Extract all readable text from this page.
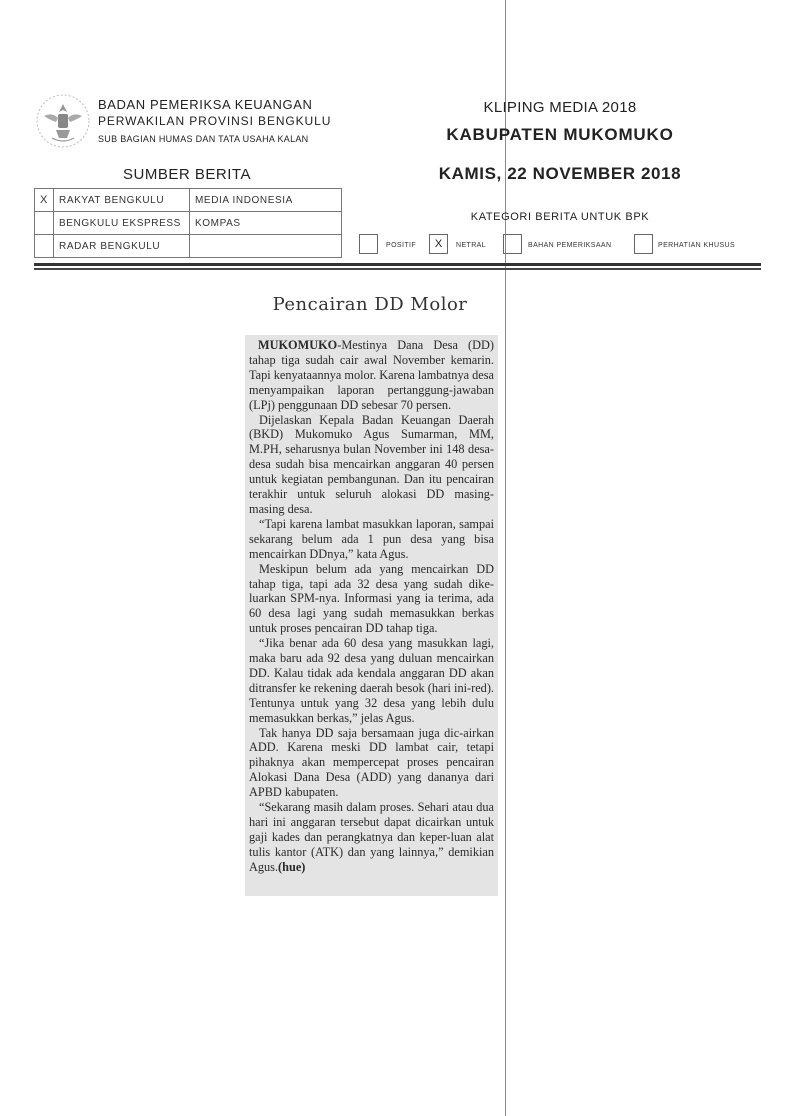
BADAN PEMERIKSA KEUANGAN
PERWAKILAN PROVINSI BENGKULU
SUB BAGIAN HUMAS DAN TATA USAHA KALAN
KLIPING MEDIA 2018
KABUPATEN MUKOMUKO
KAMIS, 22 NOVEMBER 2018
SUMBER BERITA
X	RAKYAT BENGKULU	MEDIA INDONESIA
	BENGKULU EKSPRESS	KOMPAS
	RADAR BENGKULU	
KATEGORI BERITA UNTUK BPK
POSITIF	X	NETRAL	BAHAN PEMERIKSAAN	PERHATIAN KHUSUS
Pencairan DD Molor

MUKOMUKO-Mestinya Dana Desa (DD) tahap tiga sudah cair awal November kemarin. Tapi kenyataannya molor. Karena lambatnya desa menyampaikan laporan pertanggung-jawaban (LPj) penggunaan DD sebesar 70 persen.

Dijelaskan Kepala Badan Keuangan Daerah (BKD) Mukomuko Agus Sumarman, MM, M.PH, seharusnya bulan November ini 148 desa-desa sudah bisa mencairkan anggaran 40 persen untuk kegiatan pembangunan. Dan itu pencairan terakhir untuk seluruh alokasi DD masing-masing desa.

“Tapi karena lambat masukkan laporan, sampai sekarang belum ada 1 pun desa yang bisa mencairkan DDnya,” kata Agus.

Meskipun belum ada yang mencairkan DD tahap tiga, tapi ada 32 desa yang sudah dike-luarkan SPM-nya. Informasi yang ia terima, ada 60 desa lagi yang sudah memasukkan berkas untuk proses pencairan DD tahap tiga.

“Jika benar ada 60 desa yang masukkan lagi, maka baru ada 92 desa yang duluan mencairkan DD. Kalau tidak ada kendala anggaran DD akan ditransfer ke rekening daerah besok (hari ini-red). Tentunya untuk yang 32 desa yang lebih dulu memasukkan berkas,” jelas Agus.

Tak hanya DD saja bersamaan juga dic-airkan ADD. Karena meski DD lambat cair, tetapi pihaknya akan mempercepat proses pencairan Alokasi Dana Desa (ADD) yang dananya dari APBD kabupaten.

“Sekarang masih dalam proses. Sehari atau dua hari ini anggaran tersebut dapat dicairkan untuk gaji kades dan perangkatnya dan keper-luan alat tulis kantor (ATK) dan yang lainnya,” demikian Agus.(hue)
